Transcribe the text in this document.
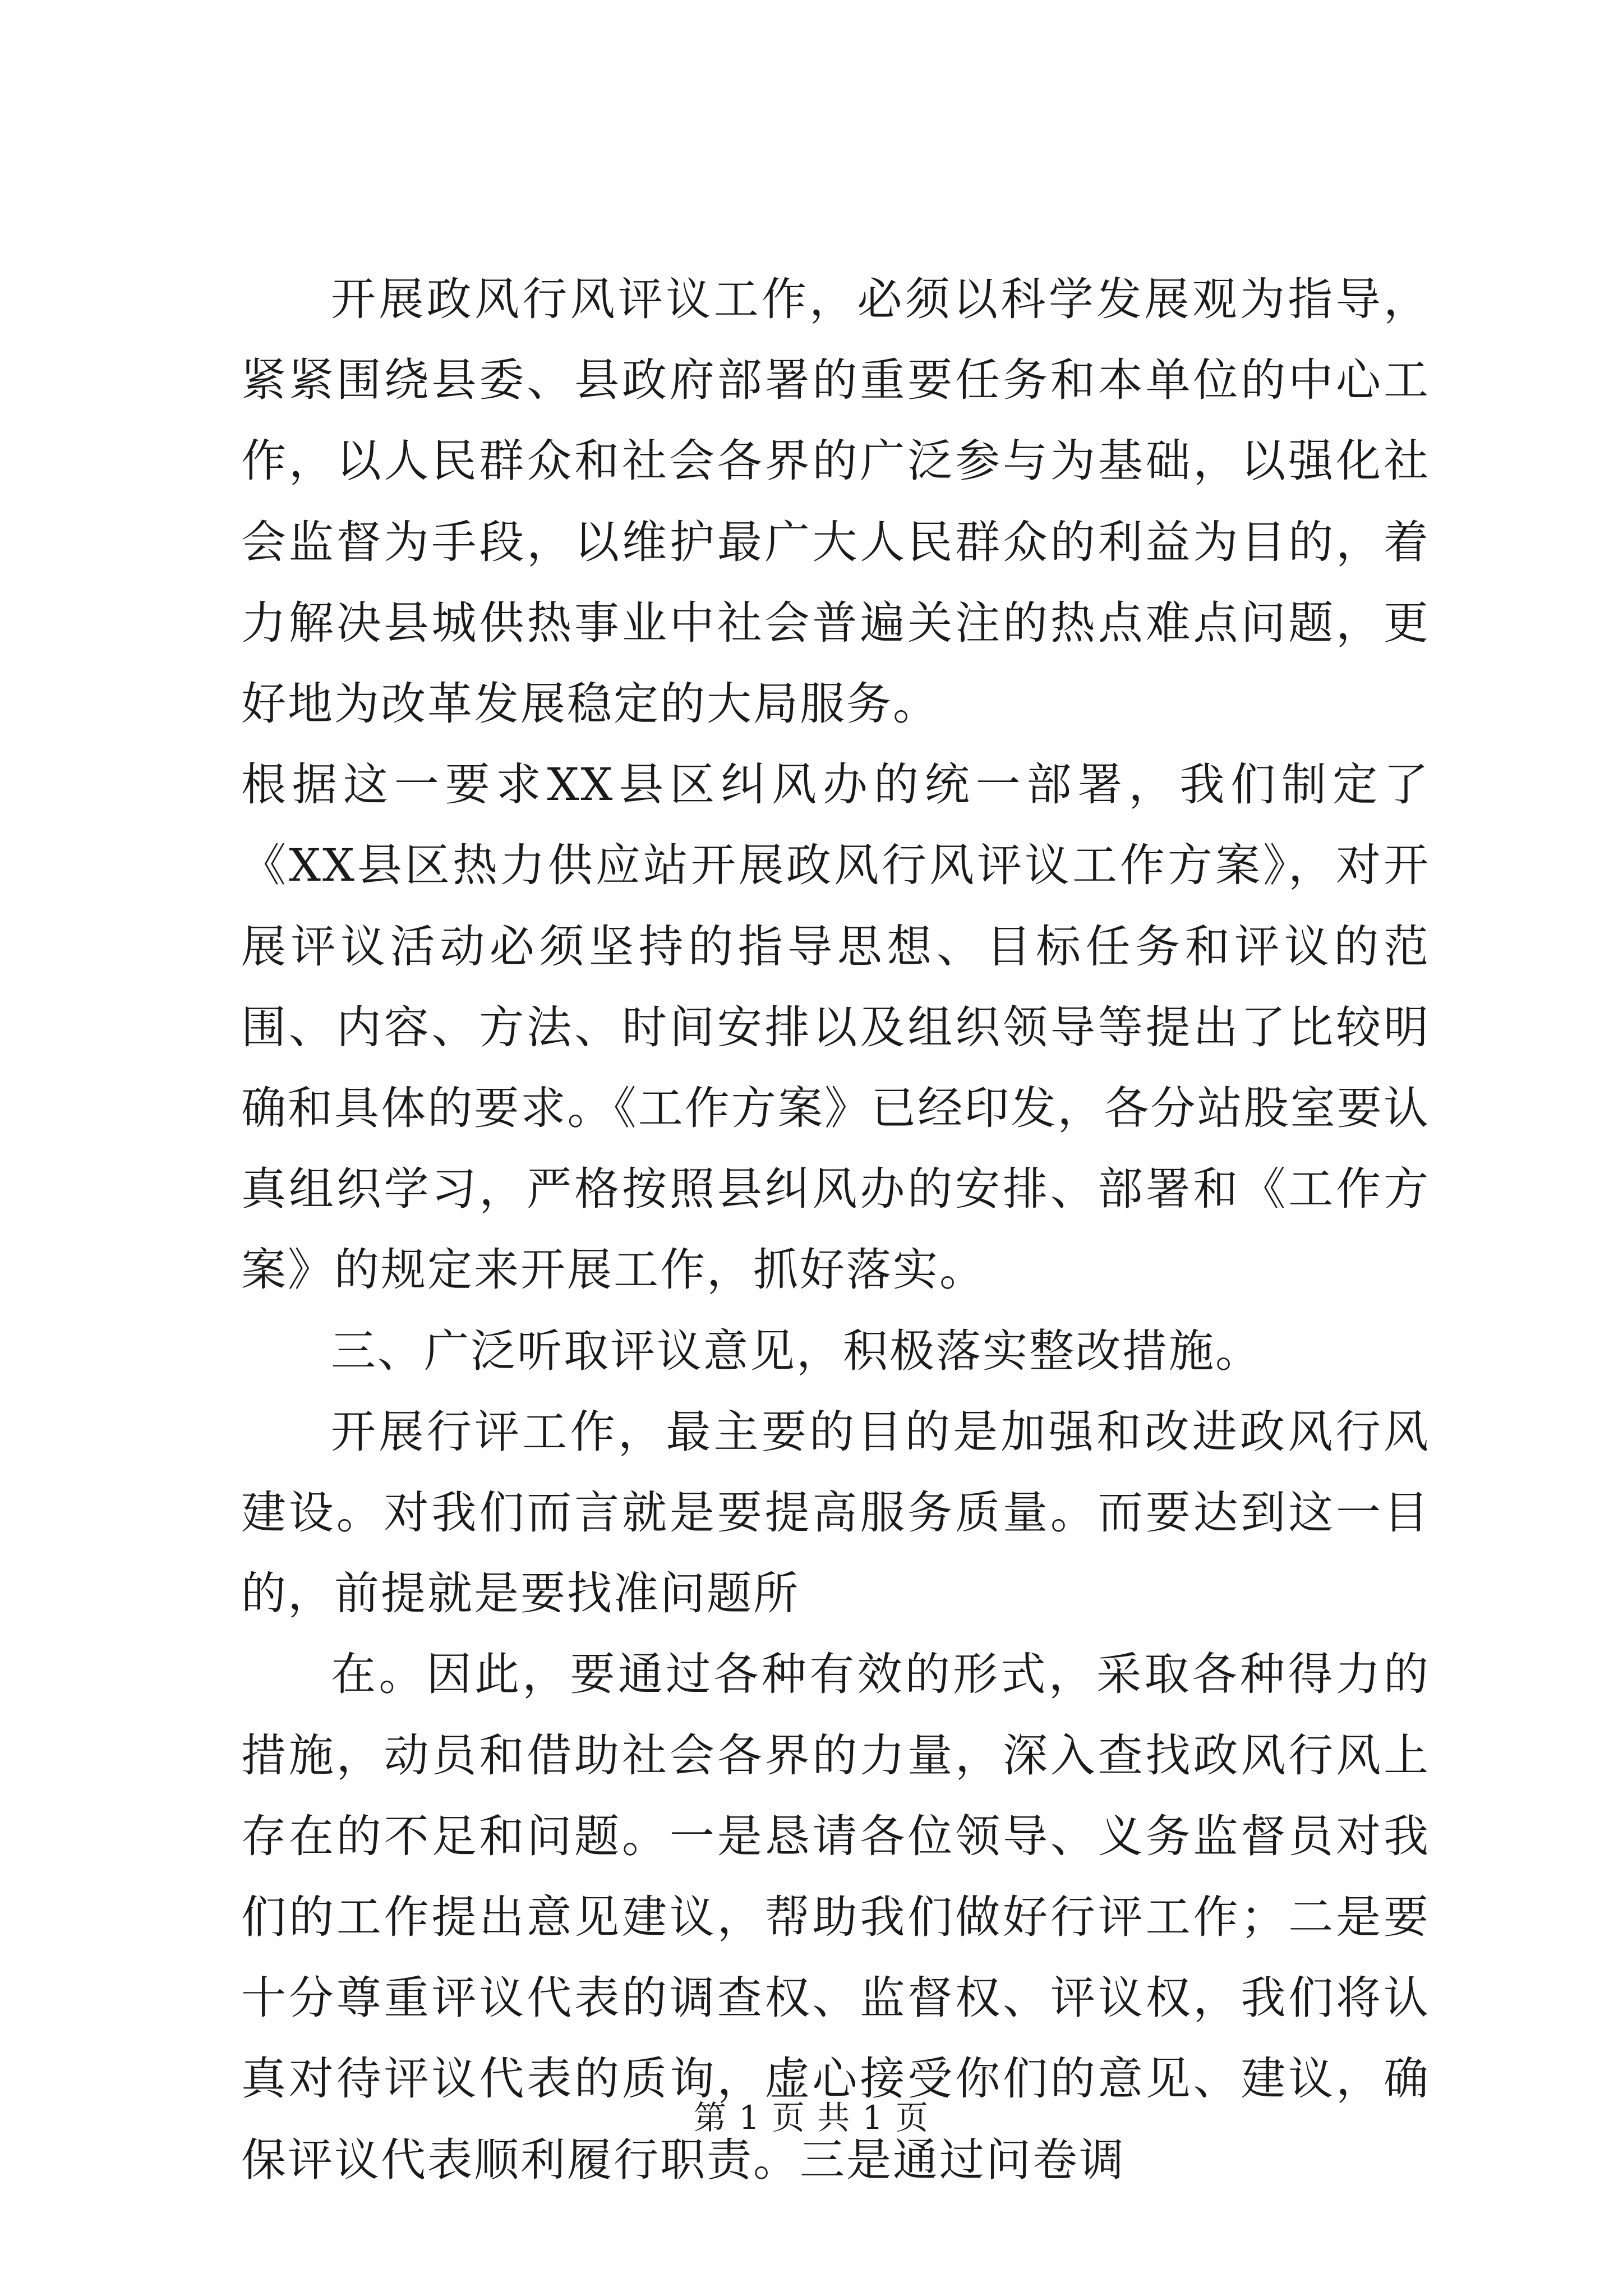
开展政风行风评议工作，必须以科学发展观为指导，紧紧围绕县委、县政府部署的重要任务和本单位的中心工作，以人民群众和社会各界的广泛参与为基础，以强化社会监督为手段，以维护最广大人民群众的利益为目的，着力解决县城供热事业中社会普遍关注的热点难点问题，更好地为改革发展稳定的大局服务。

根据这一要求XX县区纠风办的统一部署，我们制定了《XX县区热力供应站开展政风行风评议工作方案》，对开展评议活动必须坚持的指导思想、目标任务和评议的范围、内容、方法、时间安排以及组织领导等提出了比较明确和具体的要求。《工作方案》已经印发，各分站股室要认真组织学习，严格按照县纠风办的安排、部署和《工作方案》的规定来开展工作，抓好落实。

三、广泛听取评议意见，积极落实整改措施。

开展行评工作，最主要的目的是加强和改进政风行风建设。对我们而言就是要提高服务质量。而要达到这一目的，前提就是要找准问题所

在。因此，要通过各种有效的形式，采取各种得力的措施，动员和借助社会各界的力量，深入查找政风行风上存在的不足和问题。一是恳请各位领导、义务监督员对我们的工作提出意见建议，帮助我们做好行评工作；二是要十分尊重评议代表的调查权、监督权、评议权，我们将认真对待评议代表的质询，虚心接受你们的意见、建议，确保评议代表顺利履行职责。三是通过问卷调

第 1 页 共 1 页
